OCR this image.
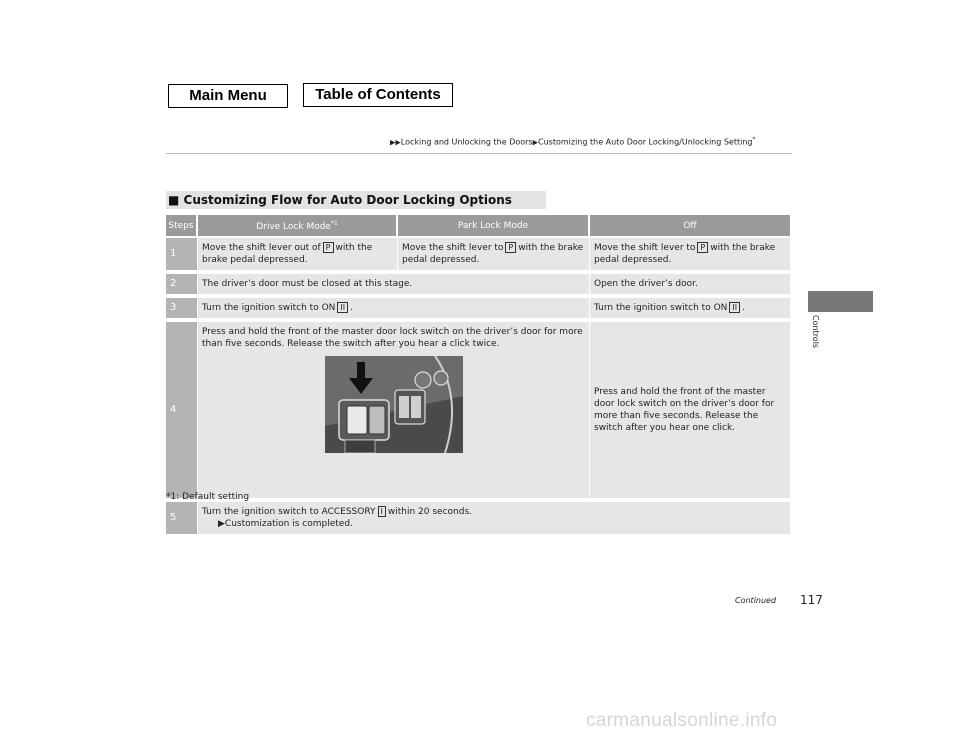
Main Menu	Table of Contents
▶▶Locking and Unlocking the Doors▶Customizing the Auto Door Locking/Unlocking Setting*
Controls
■ Customizing Flow for Auto Door Locking Options
Steps	Drive Lock Mode$^{*1}$	Park Lock Mode	Off
1	Move the shift lever out of P with the brake pedal depressed.	Move the shift lever to P with the brake pedal depressed.	Move the shift lever to P with the brake pedal depressed.
2	The driver’s door must be closed at this stage.		Open the driver’s door.
3	Turn the ignition switch to ON II .		Turn the ignition switch to ON II .
4	Press and hold the front of the master door lock switch on the driver’s door for more than five seconds. Release the switch after you hear a click twice.		Press and hold the front of the master door lock switch on the driver’s door for more than five seconds. Release the switch after you hear one click.
5	Turn the ignition switch to ACCESSORY I within 20 seconds.
▶Customization is completed.		
*1: Default setting
Continued 117
carmanualsonline.info
